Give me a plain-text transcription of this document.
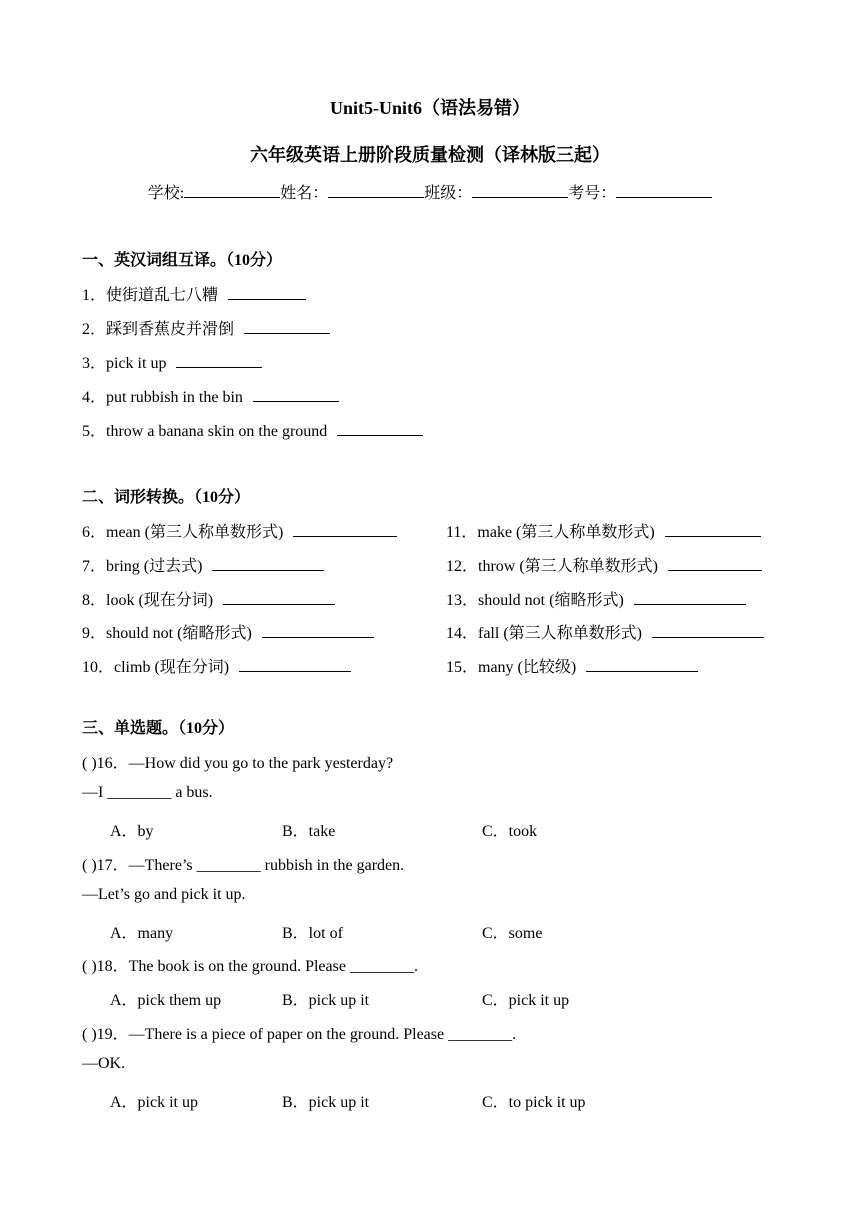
Unit5-Unit6（语法易错）
六年级英语上册阶段质量检测（译林版三起）
学校:	姓名：	班级：	考号：
一、英汉词组互译。（10分）
1．使街道乱七八糟
2．踩到香蕉皮并滑倒
3．pick it up
4．put rubbish in the bin
5．throw a banana skin on the ground
二、词形转换。（10分）
6．mean (第三人称单数形式)
7．bring (过去式)
8．look (现在分词)
9．should not (缩略形式)
10．climb (现在分词)
11．make (第三人称单数形式)
12．throw (第三人称单数形式)
13．should not (缩略形式)
14．fall (第三人称单数形式)
15．many (比较级)
三、单选题。（10分）
( )16．—How did you go to the park yesterday?
—I ________ a bus.
A．by	B．take	C．took
( )17．—There’s ________ rubbish in the garden.
—Let’s go and pick it up.
A．many	B．lot of	C．some
( )18．The book is on the ground. Please ________.
A．pick them up	B．pick up it	C．pick it up
( )19．—There is a piece of paper on the ground. Please ________.
—OK.
A．pick it up	B．pick up it	C．to pick it up
